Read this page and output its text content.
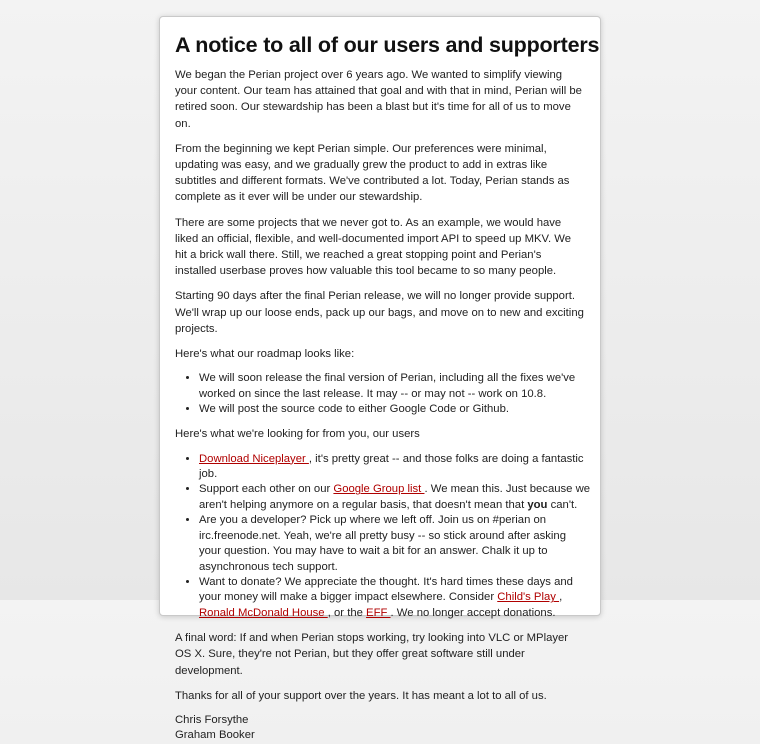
A notice to all of our users and supporters

We began the Perian project over 6 years ago. We wanted to simplify viewing your content. Our team has attained that goal and with that in mind, Perian will be retired soon. Our stewardship has been a blast but it's time for all of us to move on.

From the beginning we kept Perian simple. Our preferences were minimal, updating was easy, and we gradually grew the product to add in extras like subtitles and different formats. We've contributed a lot. Today, Perian stands as complete as it ever will be under our stewardship.

There are some projects that we never got to. As an example, we would have liked an official, flexible, and well-documented import API to speed up MKV. We hit a brick wall there. Still, we reached a great stopping point and Perian's installed userbase proves how valuable this tool became to so many people.

Starting 90 days after the final Perian release, we will no longer provide support. We'll wrap up our loose ends, pack up our bags, and move on to new and exciting projects.

Here's what our roadmap looks like:

• We will soon release the final version of Perian, including all the fixes we've worked on since the last release. It may -- or may not -- work on 10.8.
• We will post the source code to either Google Code or Github.

Here's what we're looking for from you, our users

• Download Niceplayer , it's pretty great -- and those folks are doing a fantastic job.
• Support each other on our Google Group list . We mean this. Just because we aren't helping anymore on a regular basis, that doesn't mean that you can't.
• Are you a developer? Pick up where we left off. Join us on #perian on irc.freenode.net. Yeah, we're all pretty busy -- so stick around after asking your question. You may have to wait a bit for an answer. Chalk it up to asynchronous tech support.
• Want to donate? We appreciate the thought. It's hard times these days and your money will make a bigger impact elsewhere. Consider Child's Play , Ronald McDonald House , or the EFF . We no longer accept donations.

A final word: If and when Perian stops working, try looking into VLC or MPlayer OS X. Sure, they're not Perian, but they offer great software still under development.

Thanks for all of your support over the years. It has meant a lot to all of us.

Chris Forsythe
Graham Booker
